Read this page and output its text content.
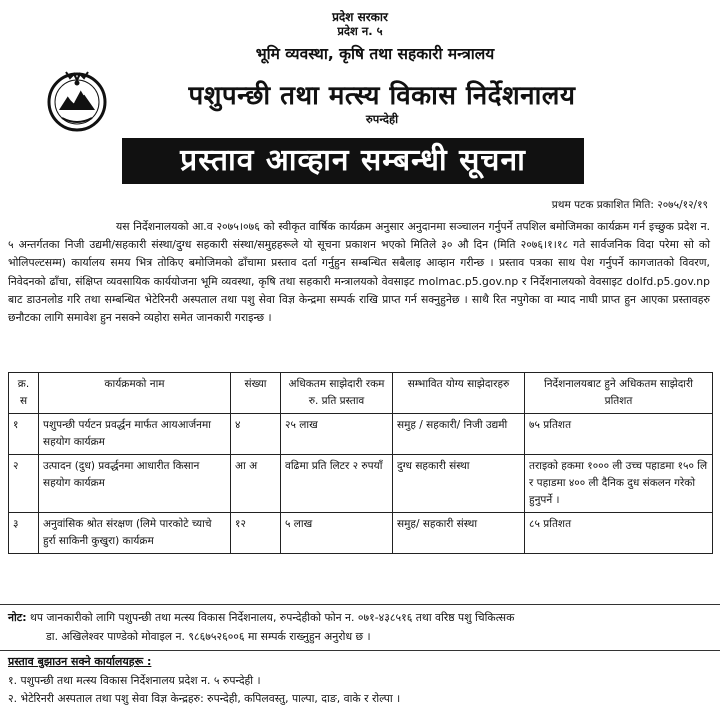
प्रदेश सरकार
प्रदेश न. ५
भूमि व्यवस्था, कृषि तथा सहकारी मन्त्रालय
पशुपन्छी तथा मत्स्य विकास निर्देशनालय
रुपन्देही
प्रस्ताव आव्हान सम्बन्धी सूचना
प्रथम पटक प्रकाशित मिति: २०७५/१२/१९
यस निर्देशनालयको आ.व २०७५।०७६ को स्वीकृत वार्षिक कार्यक्रम अनुसार अनुदानमा सञ्चालन गर्नुपर्ने तपशिल बमोजिमका कार्यक्रम गर्न इच्छुक प्रदेश न. ५ अन्तर्गतका निजी उद्यमी/सहकारी संस्था/दुग्ध सहकारी संस्था/समुहहरूले यो सूचना प्रकाशन भएको मितिले ३० औ दिन (मिति २०७६।१।१८ गते सार्वजनिक विदा परेमा सो को भोलिपल्टसम्म) कार्यालय समय भित्र तोकिए बमोजिमको ढाँचामा प्रस्ताव दर्ता गर्नुहुन सम्बन्धित सबैलाइ आव्हान गरीन्छ । प्रस्ताव पत्रका साथ पेश गर्नुपर्ने कागजातको विवरण, निवेदनको ढाँचा, संक्षिप्त व्यवसायिक कार्ययोजना भूमि व्यवस्था, कृषि तथा सहकारी मन्त्रालयको वेवसाइट molmac.p5.gov.np र निर्देशनालयको वेवसाइट dolfd.p5.gov.np बाट डाउनलोड गरि तथा सम्बन्धित भेटेरिनरी अस्पताल तथा पशु सेवा विज्ञ केन्द्रमा सम्पर्क राखि प्राप्त गर्न सक्नुहुनेछ । साथै रित नपुगेका वा म्याद नाघी प्राप्त हुन आएका प्रस्तावहरु छनौटका लागि समावेश हुन नसक्ने व्यहोरा समेत जानकारी गराइन्छ ।
क्र. स	कार्यक्रमको नाम	संख्या	अधिकतम साझेदारी रकम रु. प्रति प्रस्ताव	सम्भावित योग्य साझेदारहरु	निर्देशनालयबाट हुने अधिकतम साझेदारी प्रतिशत
१	पशुपन्छी पर्यटन प्रवर्द्धन मार्फत आयआर्जनमा सहयोग कार्यक्रम	४	२५ लाख	समुह / सहकारी/ निजी उद्यमी	७५ प्रतिशत
२	उत्पादन (दुध) प्रवर्द्धनमा आधारीत किसान सहयोग कार्यक्रम	आ अ	वढिमा प्रति लिटर २ रुपयाँ	दुग्ध सहकारी संस्था	तराइको हकमा १००० ली उच्च पहाडमा १५० लि र पहाडमा ४०० ली दैनिक दुध संकलन गरेको हुनुपर्ने ।
३	अनुवांसिक श्रोत संरक्षण (लिमे पारकोटे च्याचे हुर्रा साकिनी कुखुरा) कार्यक्रम	१२	५ लाख	समुह/ सहकारी संस्था	८५ प्रतिशत
नोट: थप जानकारीको लागि पशुपन्छी तथा मत्स्य विकास निर्देशनालय, रुपन्देहीको फोन न. ०७१-४३८५१६ तथा वरिष्ठ पशु चिकित्सक
डा. अखिलेश्वर पाण्डेको मोवाइल न. ९८६७५२६००६ मा सम्पर्क राख्नुहुन अनुरोध छ ।
प्रस्ताव बुझाउन सक्ने कार्यालयहरू :
१. पशुपन्छी तथा मत्स्य विकास निर्देशनालय प्रदेश न. ५ रुपन्देही ।
२. भेटेरिनरी अस्पताल तथा पशु सेवा विज्ञ केन्द्रहरु: रुपन्देही, कपिलवस्तु, पाल्पा, दाङ, वाके र रोल्पा ।
